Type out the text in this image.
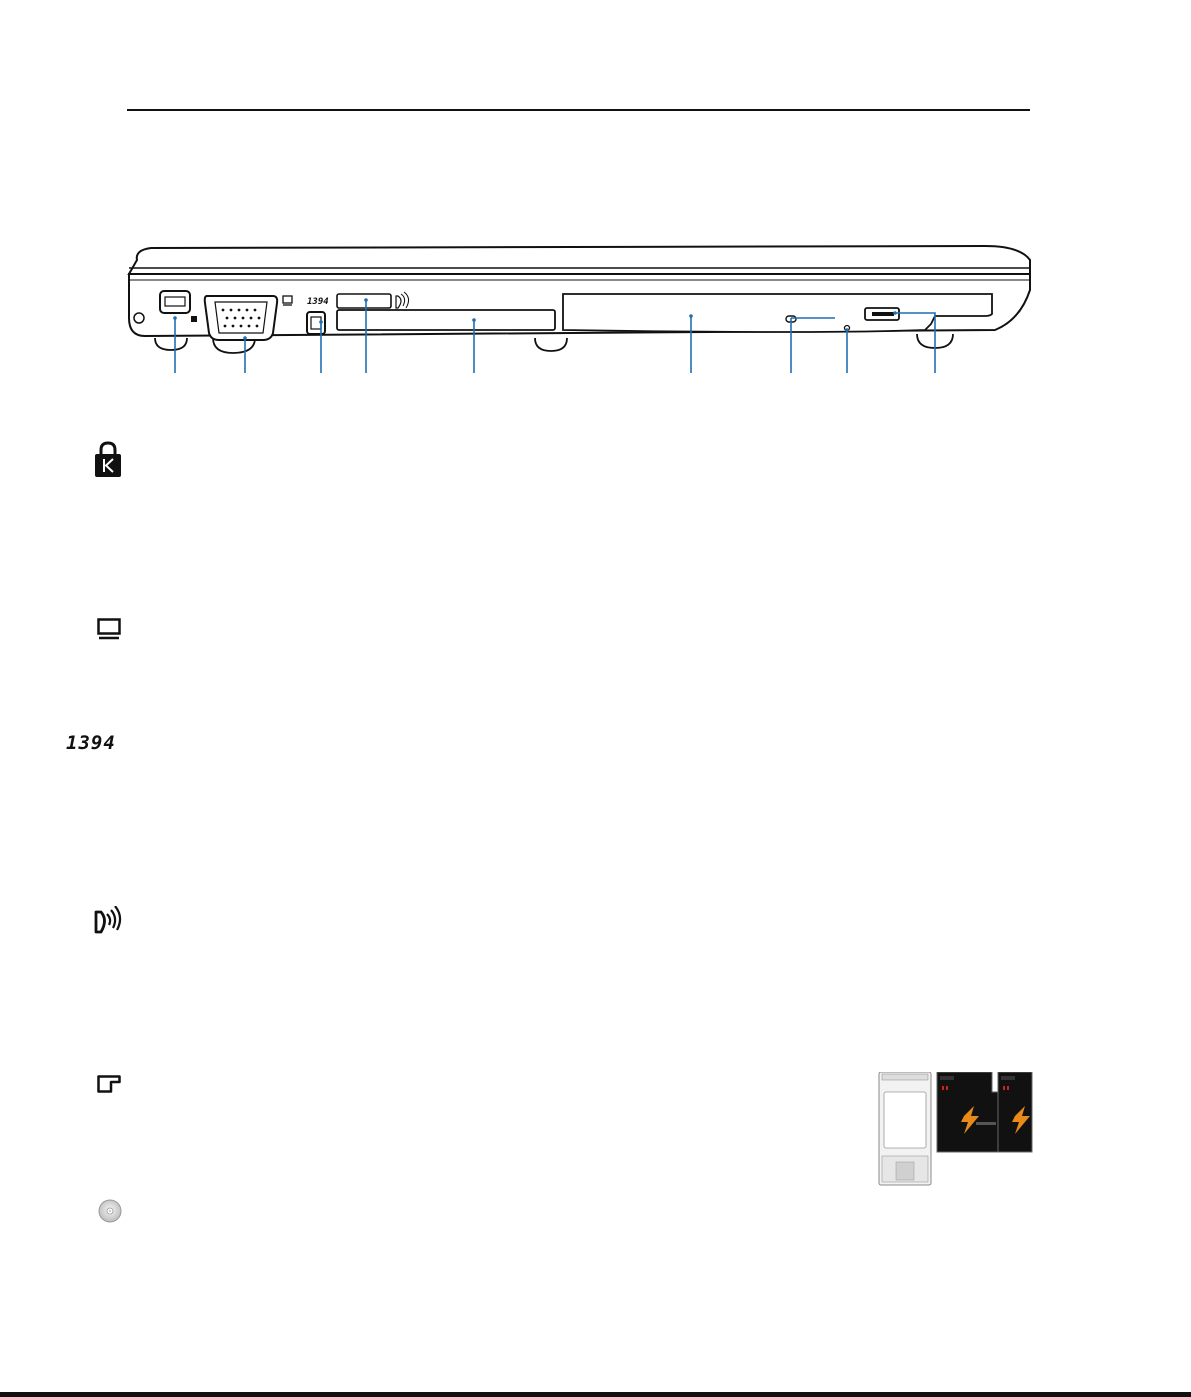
1394
1394
